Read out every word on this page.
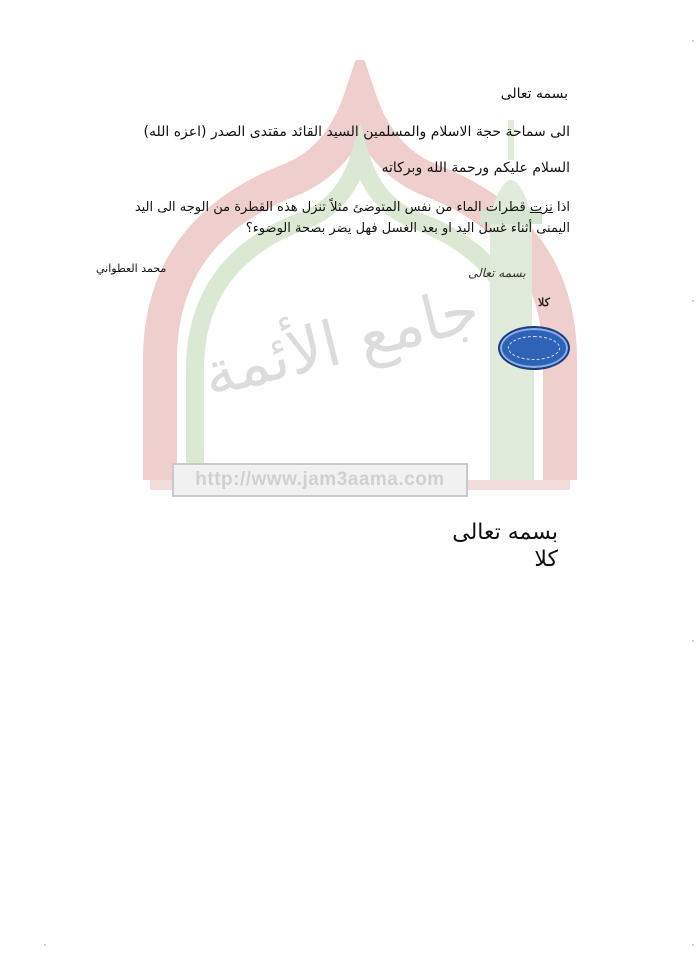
جامع الأئمة
http://www.jam3aama.com
بسمه تعالى
الى سماحة حجة الاسلام والمسلمين السيد القائد مقتدى الصدر (اعزه الله)
السلام عليكم ورحمة الله وبركاته
اذا نزت قطرات الماء من نفس المتوضئ مثلاً تنزل هذه القطرة من الوجه الى اليد اليمنى أثناء غسل اليد او بعد الغسل فهل يضر بصحة الوضوء؟
محمد العطواني	بسمه تعالى
كلا
بسمه تعالى
كلا
